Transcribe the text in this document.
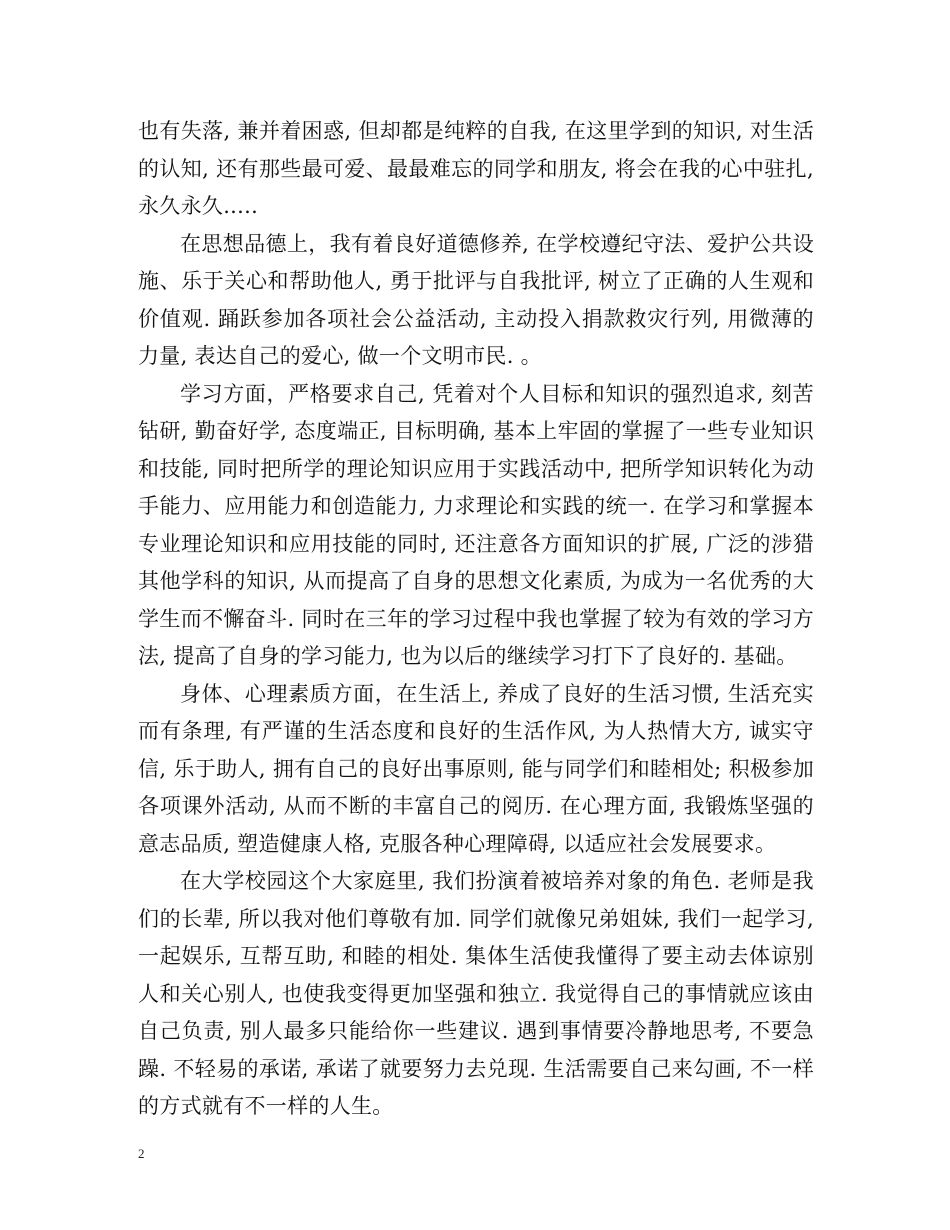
也有失落, 兼并着困惑, 但却都是纯粹的自我, 在这里学到的知识, 对生活的认知, 还有那些最可爱、最最难忘的同学和朋友, 将会在我的心中驻扎, 永久永久.....

在思想品德上，我有着良好道德修养, 在学校遵纪守法、爱护公共设施、乐于关心和帮助他人, 勇于批评与自我批评, 树立了正确的人生观和价值观. 踊跃参加各项社会公益活动, 主动投入捐款救灾行列, 用微薄的力量, 表达自己的爱心, 做一个文明市民. 。

学习方面，严格要求自己, 凭着对个人目标和知识的强烈追求, 刻苦钻研, 勤奋好学, 态度端正, 目标明确, 基本上牢固的掌握了一些专业知识和技能, 同时把所学的理论知识应用于实践活动中, 把所学知识转化为动手能力、应用能力和创造能力, 力求理论和实践的统一. 在学习和掌握本专业理论知识和应用技能的同时, 还注意各方面知识的扩展, 广泛的涉猎其他学科的知识, 从而提高了自身的思想文化素质, 为成为一名优秀的大学生而不懈奋斗. 同时在三年的学习过程中我也掌握了较为有效的学习方法, 提高了自身的学习能力, 也为以后的继续学习打下了良好的. 基础。

身体、心理素质方面，在生活上, 养成了良好的生活习惯, 生活充实而有条理, 有严谨的生活态度和良好的生活作风, 为人热情大方, 诚实守信, 乐于助人, 拥有自己的良好出事原则, 能与同学们和睦相处; 积极参加各项课外活动, 从而不断的丰富自己的阅历. 在心理方面, 我锻炼坚强的意志品质, 塑造健康人格, 克服各种心理障碍, 以适应社会发展要求。

在大学校园这个大家庭里, 我们扮演着被培养对象的角色. 老师是我们的长辈, 所以我对他们尊敬有加. 同学们就像兄弟姐妹, 我们一起学习, 一起娱乐, 互帮互助, 和睦的相处. 集体生活使我懂得了要主动去体谅别人和关心别人, 也使我变得更加坚强和独立. 我觉得自己的事情就应该由自己负责, 别人最多只能给你一些建议. 遇到事情要冷静地思考, 不要急躁. 不轻易的承诺, 承诺了就要努力去兑现. 生活需要自己来勾画, 不一样的方式就有不一样的人生。

2
